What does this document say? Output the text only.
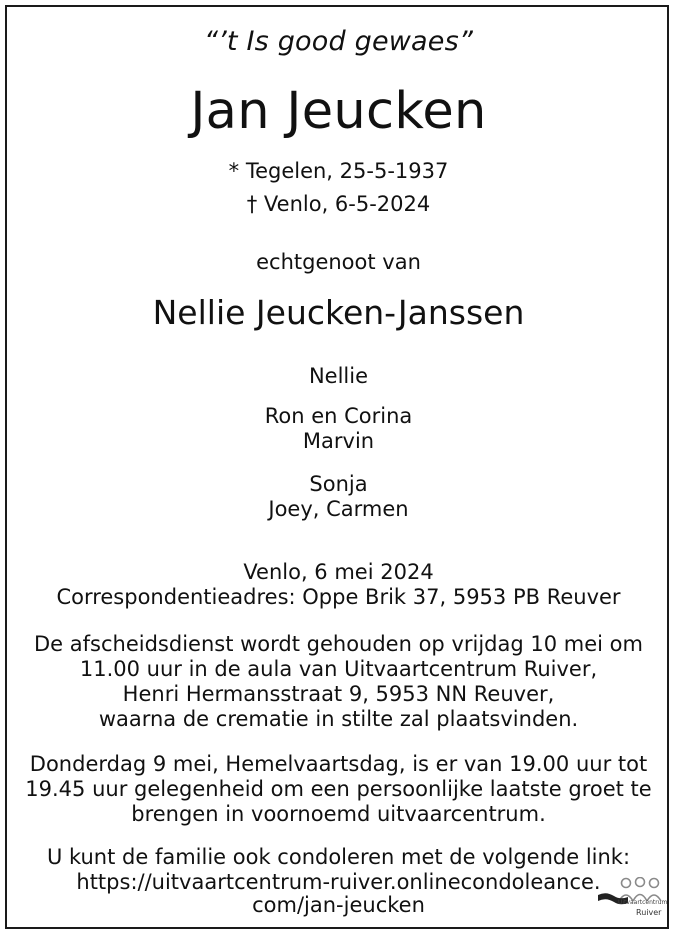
“’t Is good gewaes”
Jan Jeucken
* Tegelen, 25-5-1937
† Venlo, 6-5-2024
echtgenoot van
Nellie Jeucken-Janssen
Nellie
Ron en Corina
Marvin
Sonja
Joey, Carmen
Venlo, 6 mei 2024
Correspondentieadres: Oppe Brik 37, 5953 PB Reuver
De afscheidsdienst wordt gehouden op vrijdag 10 mei om
11.00 uur in de aula van Uitvaartcentrum Ruiver,
Henri Hermansstraat 9, 5953 NN Reuver,
waarna de crematie in stilte zal plaatsvinden.
Donderdag 9 mei, Hemelvaartsdag, is er van 19.00 uur tot
19.45 uur gelegenheid om een persoonlijke laatste groet te
brengen in voornoemd uitvaarcentrum.
U kunt de familie ook condoleren met de volgende link:
https://uitvaartcentrum-ruiver.onlinecondoleance.
com/jan-jeucken	Uitvaartcentrum
Ruiver
